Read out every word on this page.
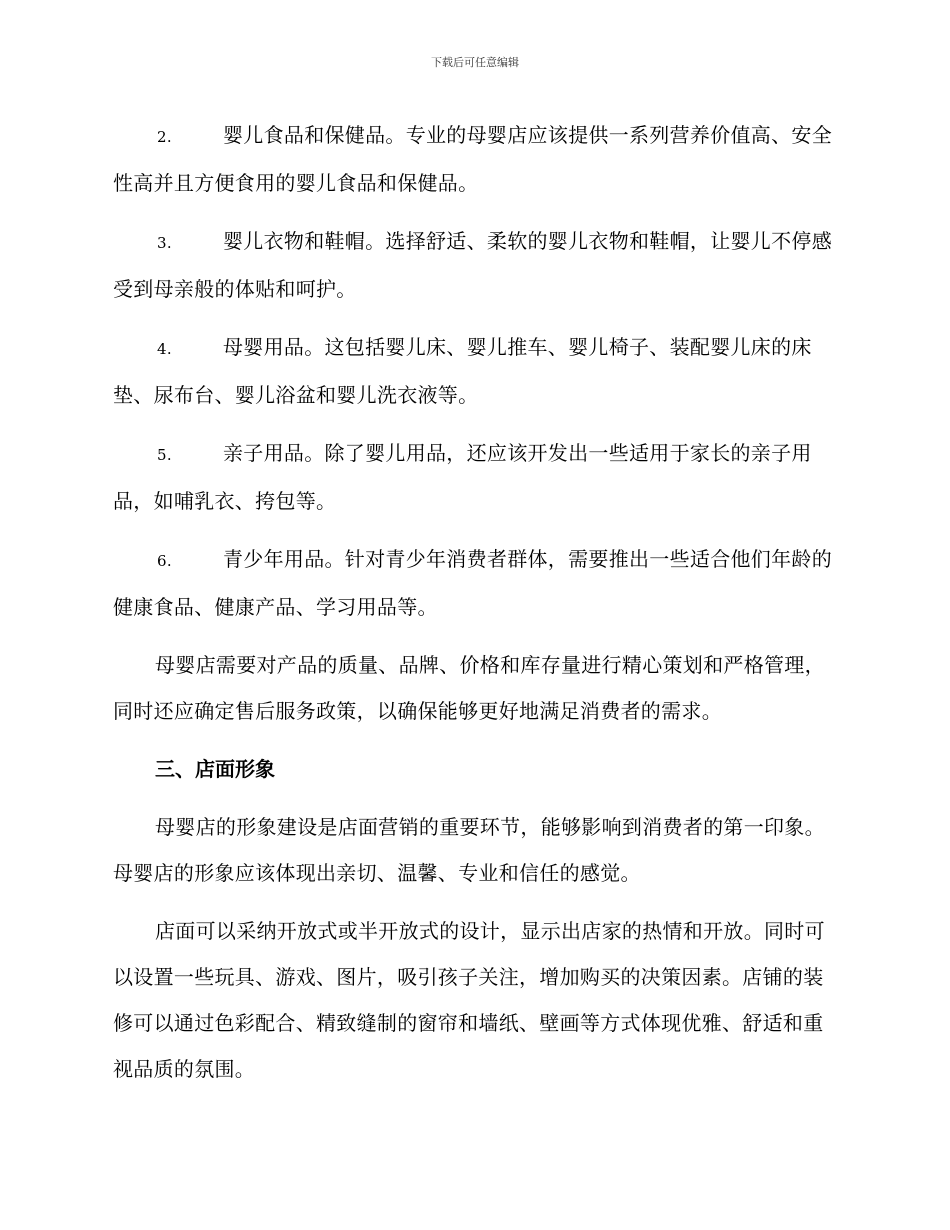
下载后可任意编辑

2.	婴儿食品和保健品。专业的母婴店应该提供一系列营养价值高、安全性高并且方便食用的婴儿食品和保健品。

3.	婴儿衣物和鞋帽。选择舒适、柔软的婴儿衣物和鞋帽，让婴儿不停感受到母亲般的体贴和呵护。

4.	母婴用品。这包括婴儿床、婴儿推车、婴儿椅子、装配婴儿床的床垫、尿布台、婴儿浴盆和婴儿洗衣液等。

5.	亲子用品。除了婴儿用品，还应该开发出一些适用于家长的亲子用品，如哺乳衣、挎包等。

6.	青少年用品。针对青少年消费者群体，需要推出一些适合他们年龄的健康食品、健康产品、学习用品等。

母婴店需要对产品的质量、品牌、价格和库存量进行精心策划和严格管理，同时还应确定售后服务政策，以确保能够更好地满足消费者的需求。

三、店面形象

母婴店的形象建设是店面营销的重要环节，能够影响到消费者的第一印象。母婴店的形象应该体现出亲切、温馨、专业和信任的感觉。

店面可以采纳开放式或半开放式的设计，显示出店家的热情和开放。同时可以设置一些玩具、游戏、图片，吸引孩子关注，增加购买的决策因素。店铺的装修可以通过色彩配合、精致缝制的窗帘和墙纸、壁画等方式体现优雅、舒适和重视品质的氛围。
